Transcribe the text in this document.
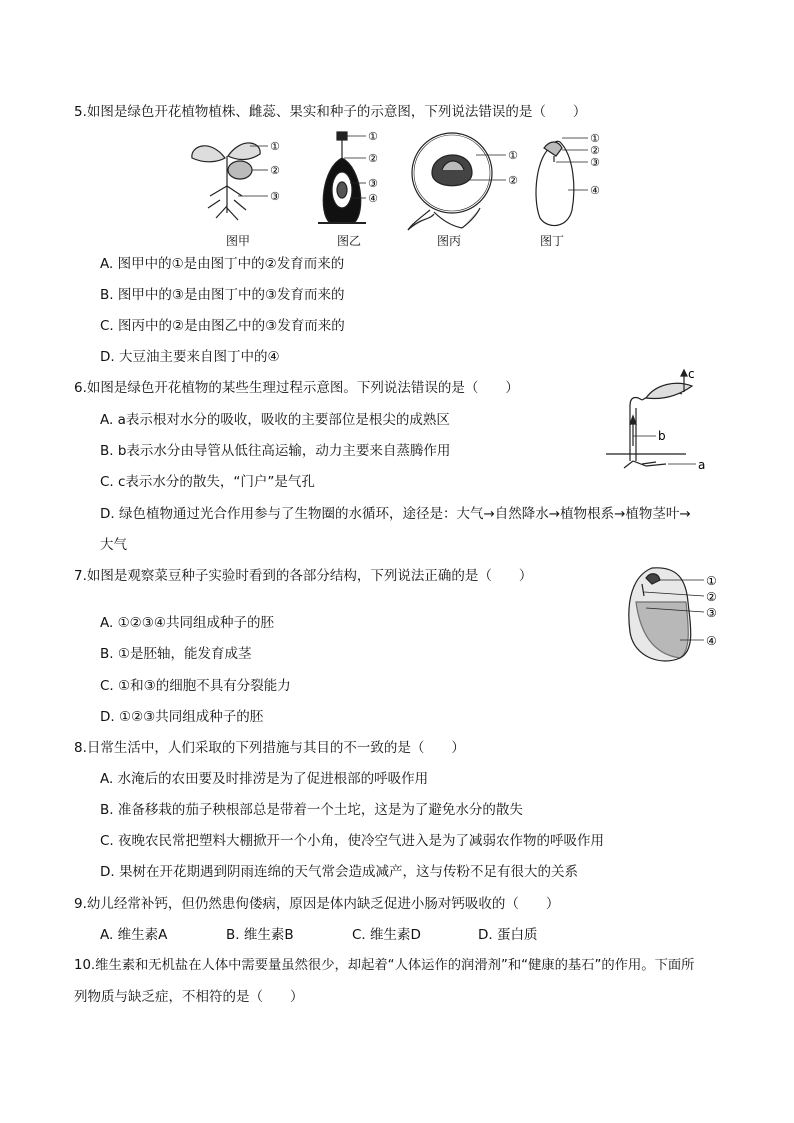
5.如图是绿色开花植物植株、雌蕊、果实和种子的示意图，下列说法错误的是（　　）
①
②
③
①
②
③
④
①
②
①
②
③
④
图甲	图乙	图丙	图丁
A. 图甲中的①是由图丁中的②发育而来的
B. 图甲中的③是由图丁中的③发育而来的
C. 图丙中的②是由图乙中的③发育而来的
D. 大豆油主要来自图丁中的④
6.如图是绿色开花植物的某些生理过程示意图。下列说法错误的是（　　）
c
b
a
A. a表示根对水分的吸收，吸收的主要部位是根尖的成熟区
B. b表示水分由导管从低往高运输，动力主要来自蒸腾作用
C. c表示水分的散失，“门户”是气孔
D. 绿色植物通过光合作用参与了生物圈的水循环，途径是：大气→自然降水→植物根系→植物茎叶→
大气
7.如图是观察菜豆种子实验时看到的各部分结构，下列说法正确的是（　　）	①
②
③
④
A. ①②③④共同组成种子的胚
B. ①是胚轴，能发育成茎
C. ①和③的细胞不具有分裂能力
D. ①②③共同组成种子的胚
8.日常生活中，人们采取的下列措施与其目的不一致的是（　　）
A. 水淹后的农田要及时排涝是为了促进根部的呼吸作用
B. 准备移栽的茄子秧根部总是带着一个土坨，这是为了避免水分的散失
C. 夜晚农民常把塑料大棚掀开一个小角，使冷空气进入是为了减弱农作物的呼吸作用
D. 果树在开花期遇到阴雨连绵的天气常会造成减产，这与传粉不足有很大的关系
9.幼儿经常补钙，但仍然患佝偻病，原因是体内缺乏促进小肠对钙吸收的（　　）
A. 维生素A	B. 维生素B	C. 维生素D	D. 蛋白质
10.维生素和无机盐在人体中需要量虽然很少，却起着“人体运作的润滑剂”和“健康的基石”的作用。下面所
列物质与缺乏症，不相符的是（　　）
